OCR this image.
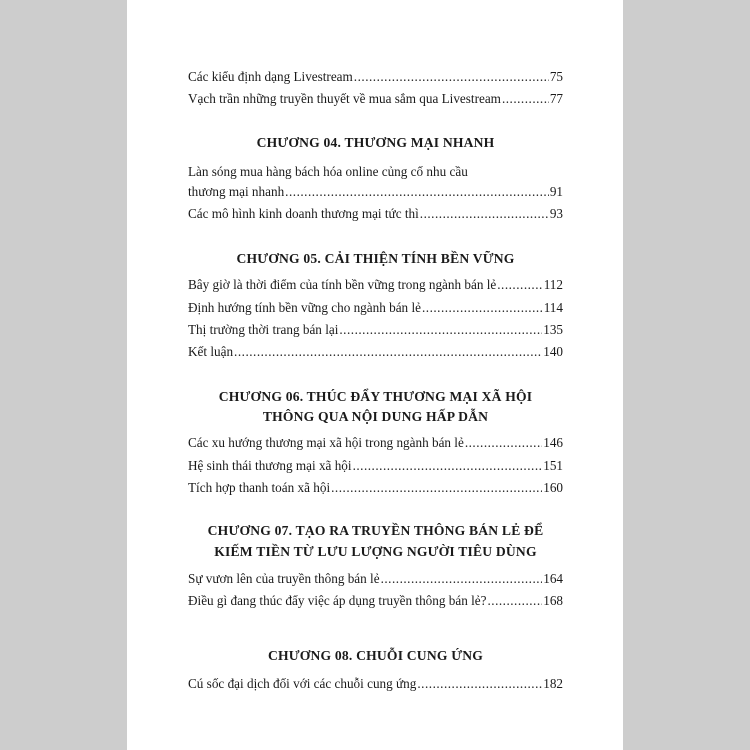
Các kiểu định dạng Livestream .....	75
Vạch trần những truyền thuyết về mua sắm qua Livestream .....	77
CHƯƠNG 04. THƯƠNG MẠI NHANH
Làn sóng mua hàng bách hóa online củng cố nhu cầu
thương mại nhanh .....	91
Các mô hình kinh doanh thương mại tức thì .....	93
CHƯƠNG 05. CẢI THIỆN TÍNH BỀN VỮNG
Bây giờ là thời điểm của tính bền vững trong ngành bán lẻ .....	112
Định hướng tính bền vững cho ngành bán lẻ .....	114
Thị trường thời trang bán lại .....	135
Kết luận .....	140
CHƯƠNG 06. THÚC ĐẨY THƯƠNG MẠI XÃ HỘI
THÔNG QUA NỘI DUNG HẤP DẪN
Các xu hướng thương mại xã hội trong ngành bán lẻ .....	146
Hệ sinh thái thương mại xã hội .....	151
Tích hợp thanh toán xã hội .....	160
CHƯƠNG 07. TẠO RA TRUYỀN THÔNG BÁN LẺ ĐỂ
KIẾM TIỀN TỪ LƯU LƯỢNG NGƯỜI TIÊU DÙNG
Sự vươn lên của truyền thông bán lẻ .....	164
Điều gì đang thúc đẩy việc áp dụng truyền thông bán lẻ? .....	168
CHƯƠNG 08. CHUỖI CUNG ỨNG
Cú sốc đại dịch đối với các chuỗi cung ứng .....	182
